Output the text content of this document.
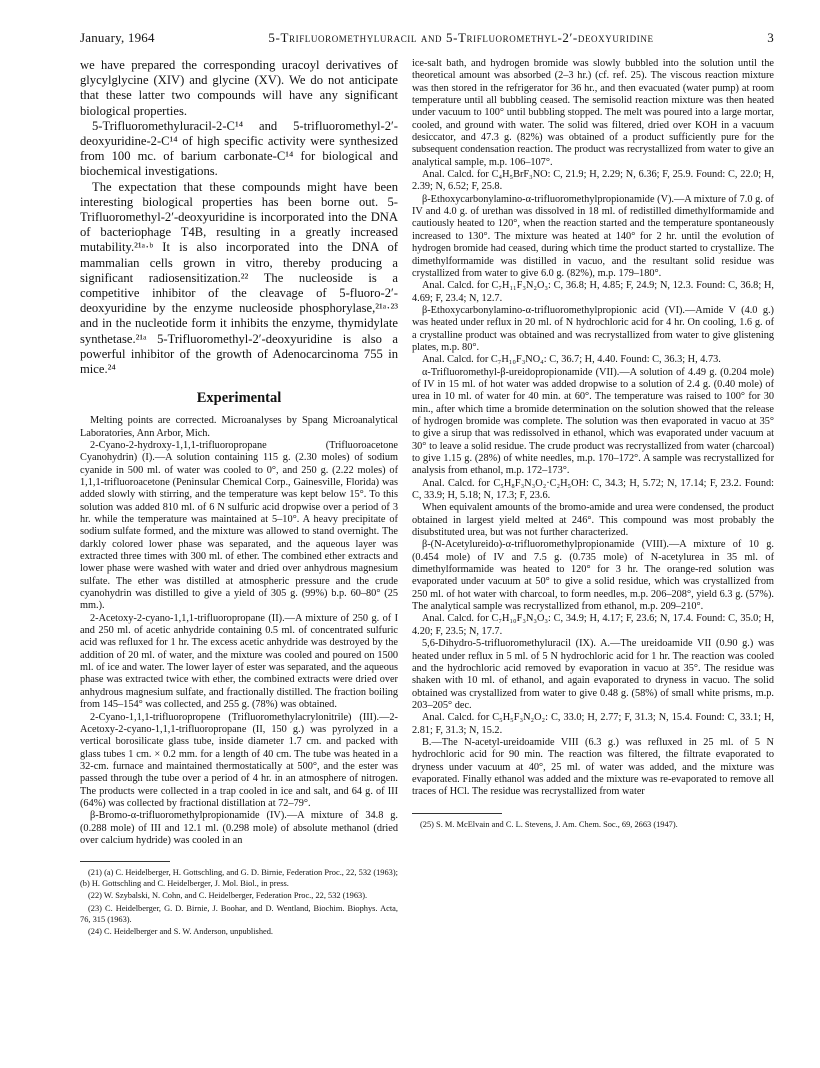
January, 1964	5-Trifluoromethyluracil and 5-Trifluoromethyl-2′-deoxyuridine	3

we have prepared the corresponding uracoyl derivatives of glycylglycine (XIV) and glycine (XV). We do not anticipate that these latter two compounds will have any significant biological properties.

5-Trifluoromethyluracil-2-C¹⁴ and 5-trifluoromethyl-2′-deoxyuridine-2-C¹⁴ of high specific activity were synthesized from 100 mc. of barium carbonate-C¹⁴ for biological and biochemical investigations.

The expectation that these compounds might have been interesting biological properties has been borne out. 5-Trifluoromethyl-2′-deoxyuridine is incorporated into the DNA of bacteriophage T4B, resulting in a greatly increased mutability.²¹ᵃ·ᵇ It is also incorporated into the DNA of mammalian cells grown in vitro, thereby producing a significant radiosensitization.²² The nucleoside is a competitive inhibitor of the cleavage of 5-fluoro-2′-deoxyuridine by the enzyme nucleoside phosphorylase,²¹ᵃ·²³ and in the nucleotide form it inhibits the enzyme, thymidylate synthetase.²¹ᵃ 5-Trifluoromethyl-2′-deoxyuridine is also a powerful inhibitor of the growth of Adenocarcinoma 755 in mice.²⁴

Experimental

Melting points are corrected. Microanalyses by Spang Microanalytical Laboratories, Ann Arbor, Mich.

2-Cyano-2-hydroxy-1,1,1-trifluoropropane (Trifluoroacetone Cyanohydrin) (I).—A solution containing 115 g. (2.30 moles) of sodium cyanide in 500 ml. of water was cooled to 0°, and 250 g. (2.22 moles) of 1,1,1-trifluoroacetone (Peninsular Chemical Corp., Gainesville, Florida) was added slowly with stirring, and the temperature was kept below 15°. To this solution was added 810 ml. of 6 N sulfuric acid dropwise over a period of 3 hr. while the temperature was maintained at 5–10°. A heavy precipitate of sodium sulfate formed, and the mixture was allowed to stand overnight. The darkly colored lower phase was separated, and the aqueous layer was extracted three times with 300 ml. of ether. The combined ether extracts and lower phase were washed with water and dried over anhydrous magnesium sulfate. The ether was distilled at atmospheric pressure and the crude cyanohydrin was distilled to give a yield of 305 g. (99%) b.p. 60–80° (25 mm.).

2-Acetoxy-2-cyano-1,1,1-trifluoropropane (II).—A mixture of 250 g. of I and 250 ml. of acetic anhydride containing 0.5 ml. of concentrated sulfuric acid was refluxed for 1 hr. The excess acetic anhydride was destroyed by the addition of 20 ml. of water, and the mixture was cooled and poured on 1500 ml. of ice and water. The lower layer of ester was separated, and the aqueous phase was extracted twice with ether, the combined extracts were dried over anhydrous magnesium sulfate, and fractionally distilled. The fraction boiling from 145–154° was collected, and 255 g. (78%) was obtained.

2-Cyano-1,1,1-trifluoropropene (Trifluoromethylacrylonitrile) (III).—2-Acetoxy-2-cyano-1,1,1-trifluoropropane (II, 150 g.) was pyrolyzed in a vertical borosilicate glass tube, inside diameter 1.7 cm. and packed with glass tubes 1 cm. × 0.2 mm. for a length of 40 cm. The tube was heated in a 32-cm. furnace and maintained thermostatically at 500°, and the ester was passed through the tube over a period of 4 hr. in an atmosphere of nitrogen. The products were collected in a trap cooled in ice and salt, and 64 g. of III (64%) was collected by fractional distillation at 72–79°.

β-Bromo-α-trifluoromethylpropionamide (IV).—A mixture of 34.8 g. (0.288 mole) of III and 12.1 ml. (0.298 mole) of absolute methanol (dried over calcium hydride) was cooled in an

(21) (a) C. Heidelberger, H. Gottschling, and G. D. Birnie, Federation Proc., 22, 532 (1963); (b) H. Gottschling and C. Heidelberger, J. Mol. Biol., in press.

(22) W. Szybalski, N. Cohn, and C. Heidelberger, Federation Proc., 22, 532 (1963).

(23) C. Heidelberger, G. D. Birnie, J. Boohar, and D. Wentland, Biochim. Biophys. Acta, 76, 315 (1963).

(24) C. Heidelberger and S. W. Anderson, unpublished.

ice-salt bath, and hydrogen bromide was slowly bubbled into the solution until the theoretical amount was absorbed (2–3 hr.) (cf. ref. 25). The viscous reaction mixture was then stored in the refrigerator for 36 hr., and then evacuated (water pump) at room temperature until all bubbling ceased. The semisolid reaction mixture was then heated under vacuum to 100° until bubbling stopped. The melt was poured into a large mortar, cooled, and ground with water. The solid was filtered, dried over KOH in a vacuum desiccator, and 47.3 g. (82%) was obtained of a product sufficiently pure for the subsequent condensation reaction. The product was recrystallized from water to give an analytical sample, m.p. 106–107°.

Anal. Calcd. for C₄H₅BrF₃NO: C, 21.9; H, 2.29; N, 6.36; F, 25.9. Found: C, 22.0; H, 2.39; N, 6.52; F, 25.8.

β-Ethoxycarbonylamino-α-trifluoromethylpropionamide (V).—A mixture of 7.0 g. of IV and 4.0 g. of urethan was dissolved in 18 ml. of redistilled dimethylformamide and cautiously heated to 120°, when the reaction started and the temperature spontaneously increased to 130°. The mixture was heated at 140° for 2 hr. until the evolution of hydrogen bromide had ceased, during which time the product started to crystallize. The dimethylformamide was distilled in vacuo, and the resultant solid residue was crystallized from water to give 6.0 g. (82%), m.p. 179–180°.

Anal. Calcd. for C₇H₁₁F₃N₂O₃: C, 36.8; H, 4.85; F, 24.9; N, 12.3. Found: C, 36.8; H, 4.69; F, 23.4; N, 12.7.

β-Ethoxycarbonylamino-α-trifluoromethylpropionic acid (VI).—Amide V (4.0 g.) was heated under reflux in 20 ml. of N hydrochloric acid for 4 hr. On cooling, 1.6 g. of a crystalline product was obtained and was recrystallized from water to give glistening plates, m.p. 80°.

Anal. Calcd. for C₇H₁₀F₃NO₄: C, 36.7; H, 4.40. Found: C, 36.3; H, 4.73.

α-Trifluoromethyl-β-ureidopropionamide (VII).—A solution of 4.49 g. (0.204 mole) of IV in 15 ml. of hot water was added dropwise to a solution of 2.4 g. (0.40 mole) of urea in 10 ml. of water for 40 min. at 60°. The temperature was raised to 100° for 30 min., after which time a bromide determination on the solution showed that the release of hydrogen bromide was complete. The solution was then evaporated in vacuo at 35° to give a sirup that was redissolved in ethanol, which was evaporated under vacuum at 30° to leave a solid residue. The crude product was recrystallized from water (charcoal) to give 1.15 g. (28%) of white needles, m.p. 170–172°. A sample was recrystallized for analysis from ethanol, m.p. 172–173°.

Anal. Calcd. for C₅H₈F₃N₃O₂·C₂H₅OH: C, 34.3; H, 5.72; N, 17.14; F, 23.2. Found: C, 33.9; H, 5.18; N, 17.3; F, 23.6.

When equivalent amounts of the bromo-amide and urea were condensed, the product obtained in largest yield melted at 246°. This compound was most probably the disubstituted urea, but was not further characterized.

β-(N-Acetylureido)-α-trifluoromethylpropionamide (VIII).—A mixture of 10 g. (0.454 mole) of IV and 7.5 g. (0.735 mole) of N-acetylurea in 35 ml. of dimethylformamide was heated to 120° for 3 hr. The orange-red solution was evaporated under vacuum at 50° to give a solid residue, which was crystallized from 250 ml. of hot water with charcoal, to form needles, m.p. 206–208°, yield 6.3 g. (57%). The analytical sample was recrystallized from ethanol, m.p. 209–210°.

Anal. Calcd. for C₇H₁₀F₃N₃O₃: C, 34.9; H, 4.17; F, 23.6; N, 17.4. Found: C, 35.0; H, 4.20; F, 23.5; N, 17.7.

5,6-Dihydro-5-trifluoromethyluracil (IX). A.—The ureidoamide VII (0.90 g.) was heated under reflux in 5 ml. of 5 N hydrochloric acid for 1 hr. The reaction was cooled and the hydrochloric acid removed by evaporation in vacuo at 35°. The residue was shaken with 10 ml. of ethanol, and again evaporated to dryness in vacuo. The solid obtained was crystallized from water to give 0.48 g. (58%) of small white prisms, m.p. 203–205° dec.

Anal. Calcd. for C₅H₅F₃N₂O₂: C, 33.0; H, 2.77; F, 31.3; N, 15.4. Found: C, 33.1; H, 2.81; F, 31.3; N, 15.2.

B.—The N-acetyl-ureidoamide VIII (6.3 g.) was refluxed in 25 ml. of 5 N hydrochloric acid for 90 min. The reaction was filtered, the filtrate evaporated to dryness under vacuum at 40°, 25 ml. of water was added, and the mixture was evaporated. Finally ethanol was added and the mixture was re-evaporated to remove all traces of HCl. The residue was recrystallized from water

(25) S. M. McElvain and C. L. Stevens, J. Am. Chem. Soc., 69, 2663 (1947).
